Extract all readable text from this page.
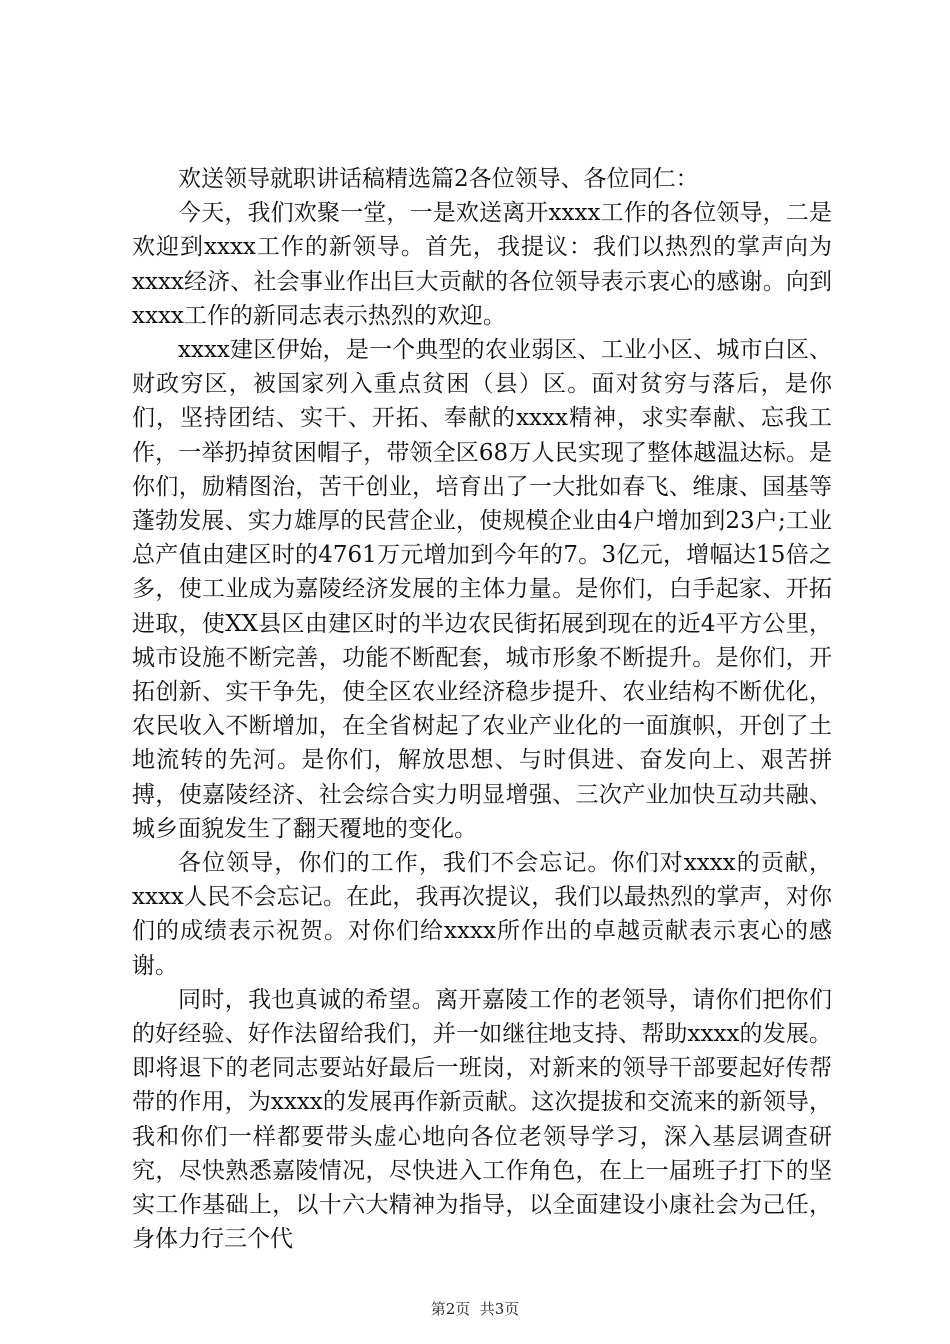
欢送领导就职讲话稿精选篇2各位领导、各位同仁：

今天，我们欢聚一堂，一是欢送离开xxxx工作的各位领导，二是欢迎到xxxx工作的新领导。首先，我提议：我们以热烈的掌声向为xxxx经济、社会事业作出巨大贡献的各位领导表示衷心的感谢。向到xxxx工作的新同志表示热烈的欢迎。

xxxx建区伊始，是一个典型的农业弱区、工业小区、城市白区、财政穷区，被国家列入重点贫困（县）区。面对贫穷与落后，是你们，坚持团结、实干、开拓、奉献的xxxx精神，求实奉献、忘我工作，一举扔掉贫困帽子，带领全区68万人民实现了整体越温达标。是你们，励精图治，苦干创业，培育出了一大批如春飞、维康、国基等蓬勃发展、实力雄厚的民营企业，使规模企业由4户增加到23户;工业总产值由建区时的4761万元增加到今年的7。3亿元，增幅达15倍之多，使工业成为嘉陵经济发展的主体力量。是你们，白手起家、开拓进取，使XX县区由建区时的半边农民街拓展到现在的近4平方公里，城市设施不断完善，功能不断配套，城市形象不断提升。是你们，开拓创新、实干争先，使全区农业经济稳步提升、农业结构不断优化，农民收入不断增加，在全省树起了农业产业化的一面旗帜，开创了土地流转的先河。是你们，解放思想、与时俱进、奋发向上、艰苦拼搏，使嘉陵经济、社会综合实力明显增强、三次产业加快互动共融、城乡面貌发生了翻天覆地的变化。

各位领导，你们的工作，我们不会忘记。你们对xxxx的贡献，xxxx人民不会忘记。在此，我再次提议，我们以最热烈的掌声，对你们的成绩表示祝贺。对你们给xxxx所作出的卓越贡献表示衷心的感谢。

同时，我也真诚的希望。离开嘉陵工作的老领导，请你们把你们的好经验、好作法留给我们，并一如继往地支持、帮助xxxx的发展。即将退下的老同志要站好最后一班岗，对新来的领导干部要起好传帮带的作用，为xxxx的发展再作新贡献。这次提拔和交流来的新领导，我和你们一样都要带头虚心地向各位老领导学习，深入基层调查研究，尽快熟悉嘉陵情况，尽快进入工作角色，在上一届班子打下的坚实工作基础上，以十六大精神为指导，以全面建设小康社会为己任，身体力行三个代

第2页  共3页
